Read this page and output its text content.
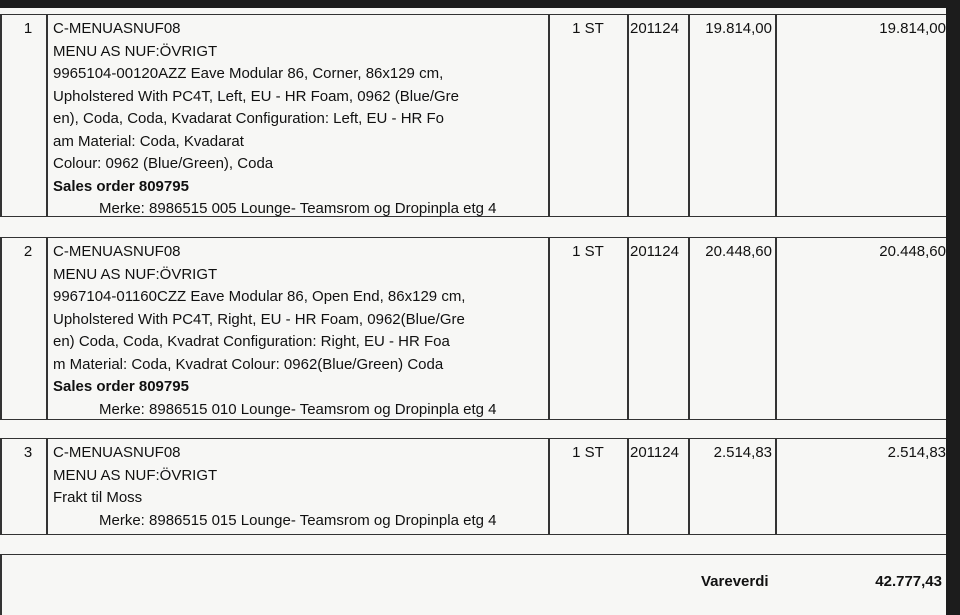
1 C-MENUASNUF08
MENU AS NUF:ÖVRIGT
9965104-00120AZZ Eave Modular 86, Corner, 86x129 cm,
Upholstered With PC4T, Left, EU - HR Foam, 0962 (Blue/Gre
en), Coda, Coda, Kvadarat Configuration: Left, EU - HR Fo
am Material: Coda, Kvadarat
Colour: 0962 (Blue/Green), Coda
Sales order 809795
Merke: 8986515 005 Lounge- Teamsrom og Dropinpla etg 4
1 ST	201124	19.814,00	19.814,00
2 C-MENUASNUF08
MENU AS NUF:ÖVRIGT
9967104-01160CZZ Eave Modular 86, Open End, 86x129 cm,
Upholstered With PC4T, Right, EU - HR Foam, 0962(Blue/Gre
en) Coda, Coda, Kvadrat Configuration: Right, EU - HR Foa
m Material: Coda, Kvadrat Colour: 0962(Blue/Green) Coda
Sales order 809795
Merke: 8986515 010 Lounge- Teamsrom og Dropinpla etg 4
1 ST	201124	20.448,60	20.448,60
3 C-MENUASNUF08
MENU AS NUF:ÖVRIGT
Frakt til Moss
Merke: 8986515 015 Lounge- Teamsrom og Dropinpla etg 4
1 ST	201124	2.514,83	2.514,83
Vareverdi	42.777,43
